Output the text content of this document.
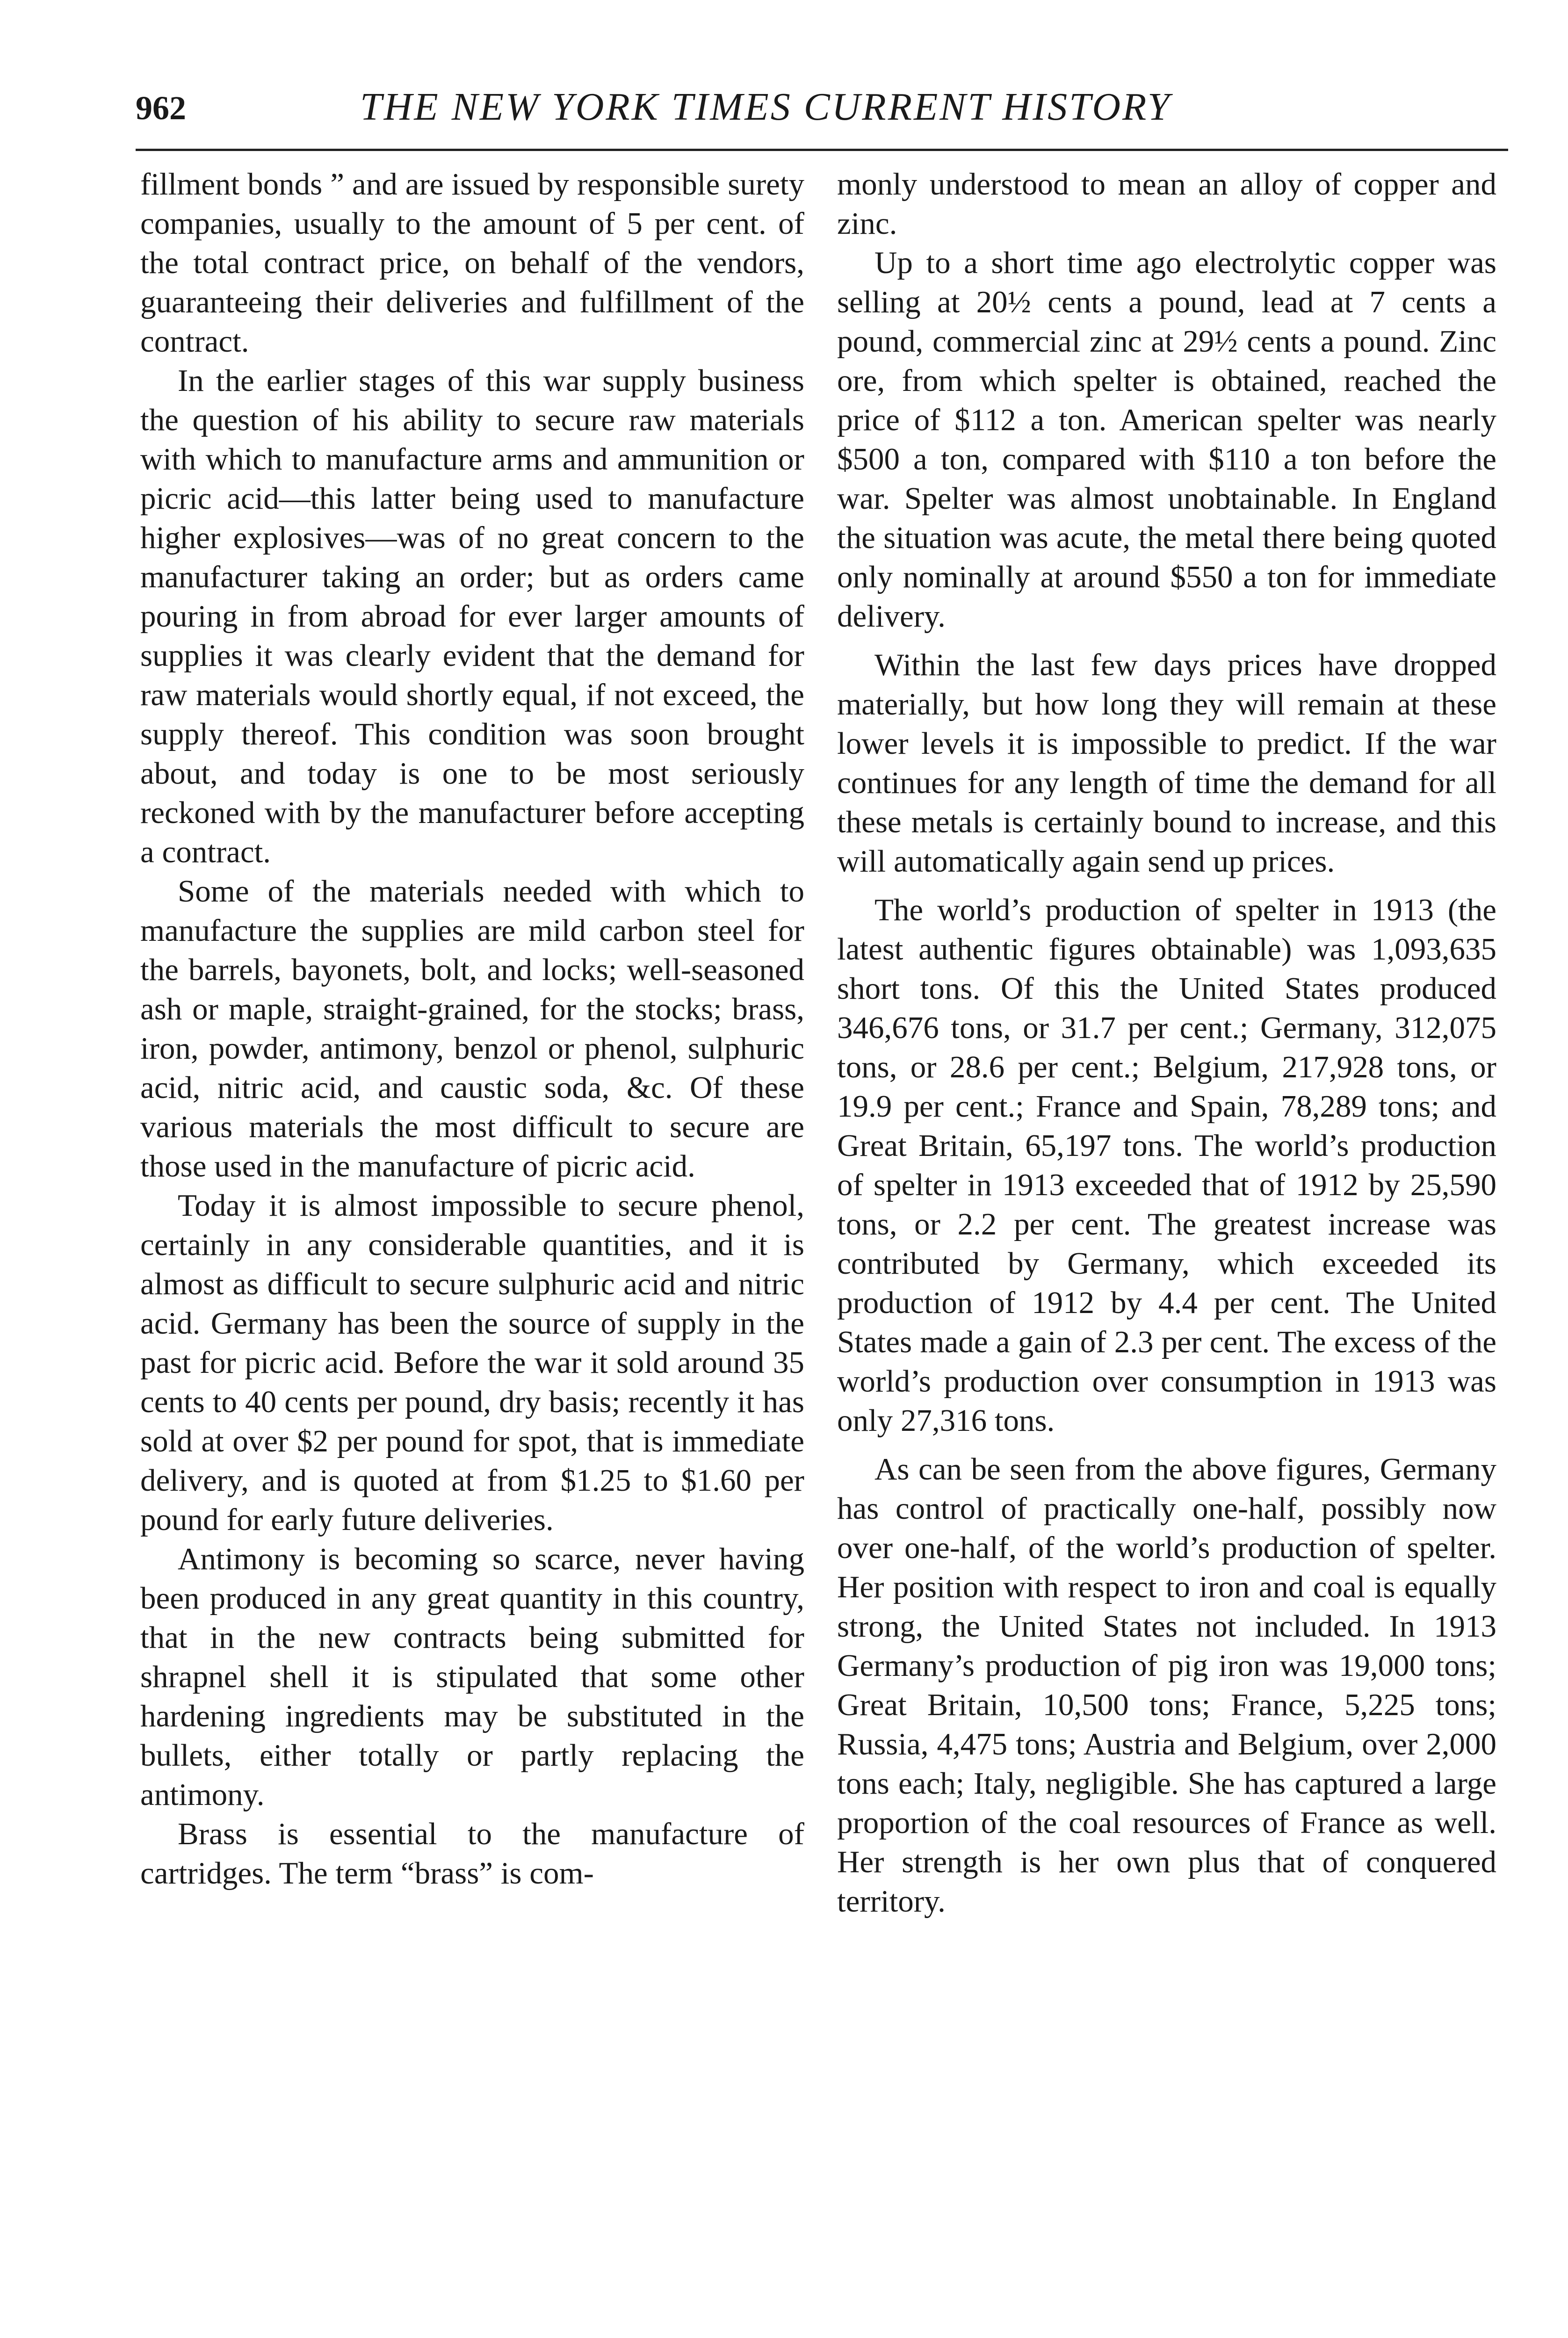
962	THE NEW YORK TIMES CURRENT HISTORY

fillment bonds ” and are issued by responsible surety companies, usually to the amount of 5 per cent. of the total contract price, on behalf of the vendors, guaranteeing their deliveries and fulfillment of the contract.

In the earlier stages of this war supply business the question of his ability to secure raw materials with which to manufacture arms and ammunition or picric acid—this latter being used to manufacture higher explosives—was of no great concern to the manufacturer taking an order; but as orders came pouring in from abroad for ever larger amounts of supplies it was clearly evident that the demand for raw materials would shortly equal, if not exceed, the supply thereof. This condition was soon brought about, and today is one to be most seriously reckoned with by the manufacturer before accepting a contract.

Some of the materials needed with which to manufacture the supplies are mild carbon steel for the barrels, bayonets, bolt, and locks; well-seasoned ash or maple, straight-grained, for the stocks; brass, iron, powder, antimony, benzol or phenol, sulphuric acid, nitric acid, and caustic soda, &c. Of these various materials the most difficult to secure are those used in the manufacture of picric acid.

Today it is almost impossible to secure phenol, certainly in any considerable quantities, and it is almost as difficult to secure sulphuric acid and nitric acid. Germany has been the source of supply in the past for picric acid. Before the war it sold around 35 cents to 40 cents per pound, dry basis; recently it has sold at over $2 per pound for spot, that is immediate delivery, and is quoted at from $1.25 to $1.60 per pound for early future deliveries.

Antimony is becoming so scarce, never having been produced in any great quantity in this country, that in the new contracts being submitted for shrapnel shell it is stipulated that some other hardening ingredients may be substituted in the bullets, either totally or partly replacing the antimony.

Brass is essential to the manufacture of cartridges. The term “brass” is com-

monly understood to mean an alloy of copper and zinc.

Up to a short time ago electrolytic copper was selling at 20½ cents a pound, lead at 7 cents a pound, commercial zinc at 29½ cents a pound. Zinc ore, from which spelter is obtained, reached the price of $112 a ton. American spelter was nearly $500 a ton, compared with $110 a ton before the war. Spelter was almost unobtainable. In England the situation was acute, the metal there being quoted only nominally at around $550 a ton for immediate delivery.

Within the last few days prices have dropped materially, but how long they will remain at these lower levels it is impossible to predict. If the war continues for any length of time the demand for all these metals is certainly bound to increase, and this will automatically again send up prices.

The world’s production of spelter in 1913 (the latest authentic figures obtainable) was 1,093,635 short tons. Of this the United States produced 346,676 tons, or 31.7 per cent.; Germany, 312,075 tons, or 28.6 per cent.; Belgium, 217,928 tons, or 19.9 per cent.; France and Spain, 78,289 tons; and Great Britain, 65,197 tons. The world’s production of spelter in 1913 exceeded that of 1912 by 25,590 tons, or 2.2 per cent. The greatest increase was contributed by Germany, which exceeded its production of 1912 by 4.4 per cent. The United States made a gain of 2.3 per cent. The excess of the world’s production over consumption in 1913 was only 27,316 tons.

As can be seen from the above figures, Germany has control of practically one-half, possibly now over one-half, of the world’s production of spelter. Her position with respect to iron and coal is equally strong, the United States not included. In 1913 Germany’s production of pig iron was 19,000 tons; Great Britain, 10,500 tons; France, 5,225 tons; Russia, 4,475 tons; Austria and Belgium, over 2,000 tons each; Italy, negligible. She has captured a large proportion of the coal resources of France as well. Her strength is her own plus that of conquered territory.
